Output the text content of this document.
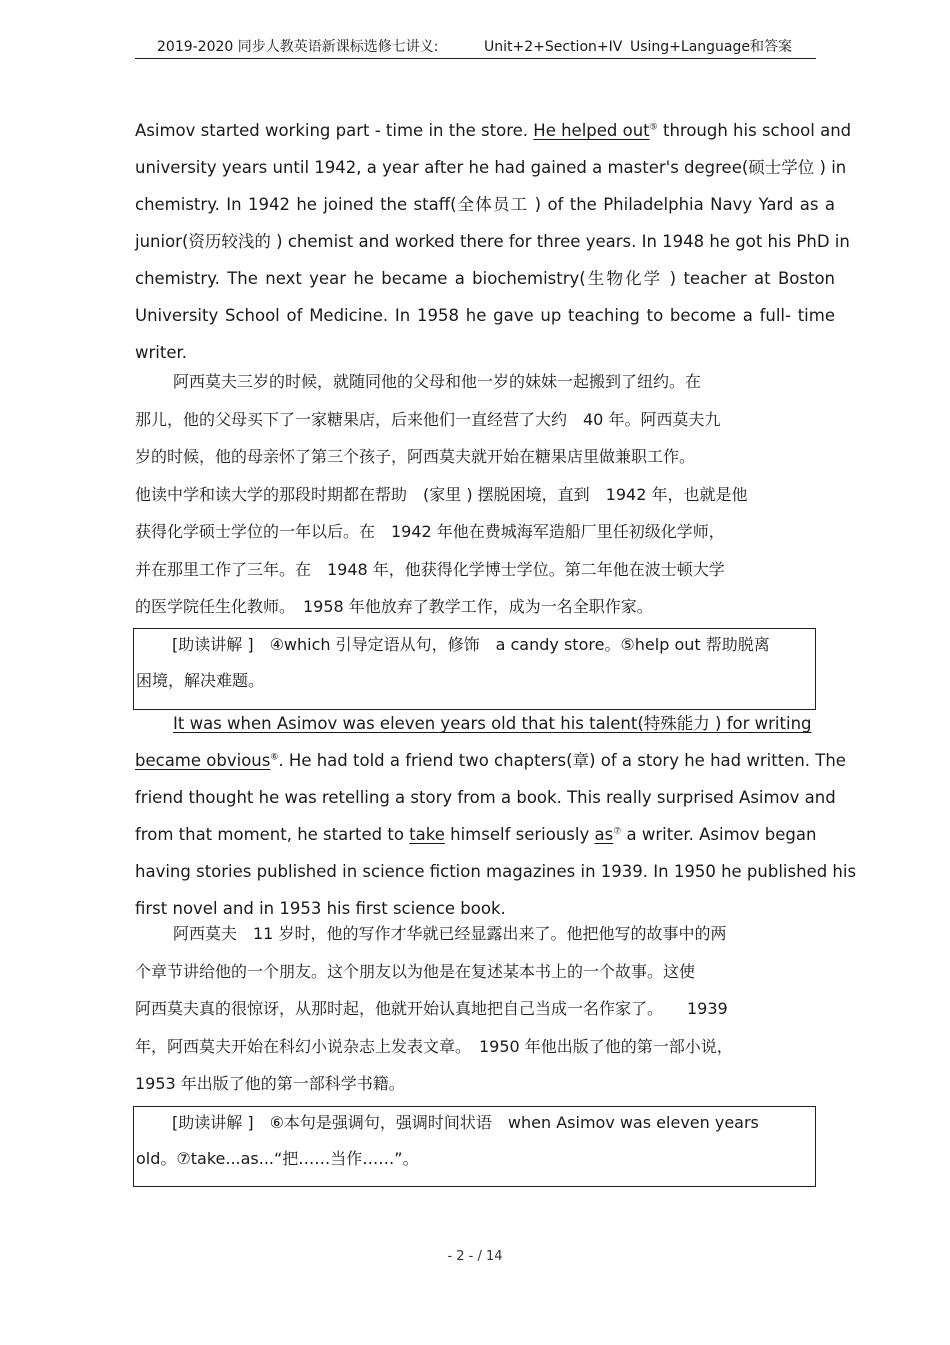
2019-2020 同步人教英语新课标选修七讲义:	Unit+2+Section+IV Using+Language和答案
Asimov started working part - time in the store. He helped out⑤ through his school and
university years until 1942, a year after he had gained a master's degree(硕士学位 ) in
chemistry. In 1942 he joined the staff(全体员工 ) of the Philadelphia Navy Yard as a
junior(资历较浅的 ) chemist and worked there for three years. In 1948 he got his PhD in
chemistry. The next year he became a biochemistry(生物化学 ) teacher at Boston
University School of Medicine. In 1958 he gave up teaching to become a full- time
writer.
阿西莫夫三岁的时候，就随同他的父母和他一岁的妹妹一起搬到了纽约。在
那儿，他的父母买下了一家糖果店，后来他们一直经营了大约　40 年。阿西莫夫九
岁的时候，他的母亲怀了第三个孩子，阿西莫夫就开始在糖果店里做兼职工作。
他读中学和读大学的那段时期都在帮助　(家里 ) 摆脱困境，直到　1942 年，也就是他
获得化学硕士学位的一年以后。在　1942 年他在费城海军造船厂里任初级化学师，
并在那里工作了三年。在　1948 年，他获得化学博士学位。第二年他在波士顿大学
的医学院任生化教师。　1958 年他放弃了教学工作，成为一名全职作家。
[助读讲解 ]　④which 引导定语从句，修饰　a candy store。⑤help out 帮助脱离
困境，解决难题。
It was when Asimov was eleven years old that his talent(特殊能力 ) for writing
became obvious⑥. He had told a friend two chapters(章) of a story he had written. The
friend thought he was retelling a story from a book. This really surprised Asimov and
from that moment, he started to take himself seriously as⑦ a writer. Asimov began
having stories published in science fiction magazines in 1939. In 1950 he published his
first novel and in 1953 his first science book.
阿西莫夫　11 岁时，他的写作才华就已经显露出来了。他把他写的故事中的两
个章节讲给他的一个朋友。这个朋友以为他是在复述某本书上的一个故事。这使
阿西莫夫真的很惊讶，从那时起，他就开始认真地把自己当成一名作家了。　　1939
年，阿西莫夫开始在科幻小说杂志上发表文章。　1950 年他出版了他的第一部小说，
1953 年出版了他的第一部科学书籍。
[助读讲解 ]　⑥本句是强调句，强调时间状语　when Asimov was eleven years
old。⑦take...as...“把……当作……”。
- 2 - / 14
